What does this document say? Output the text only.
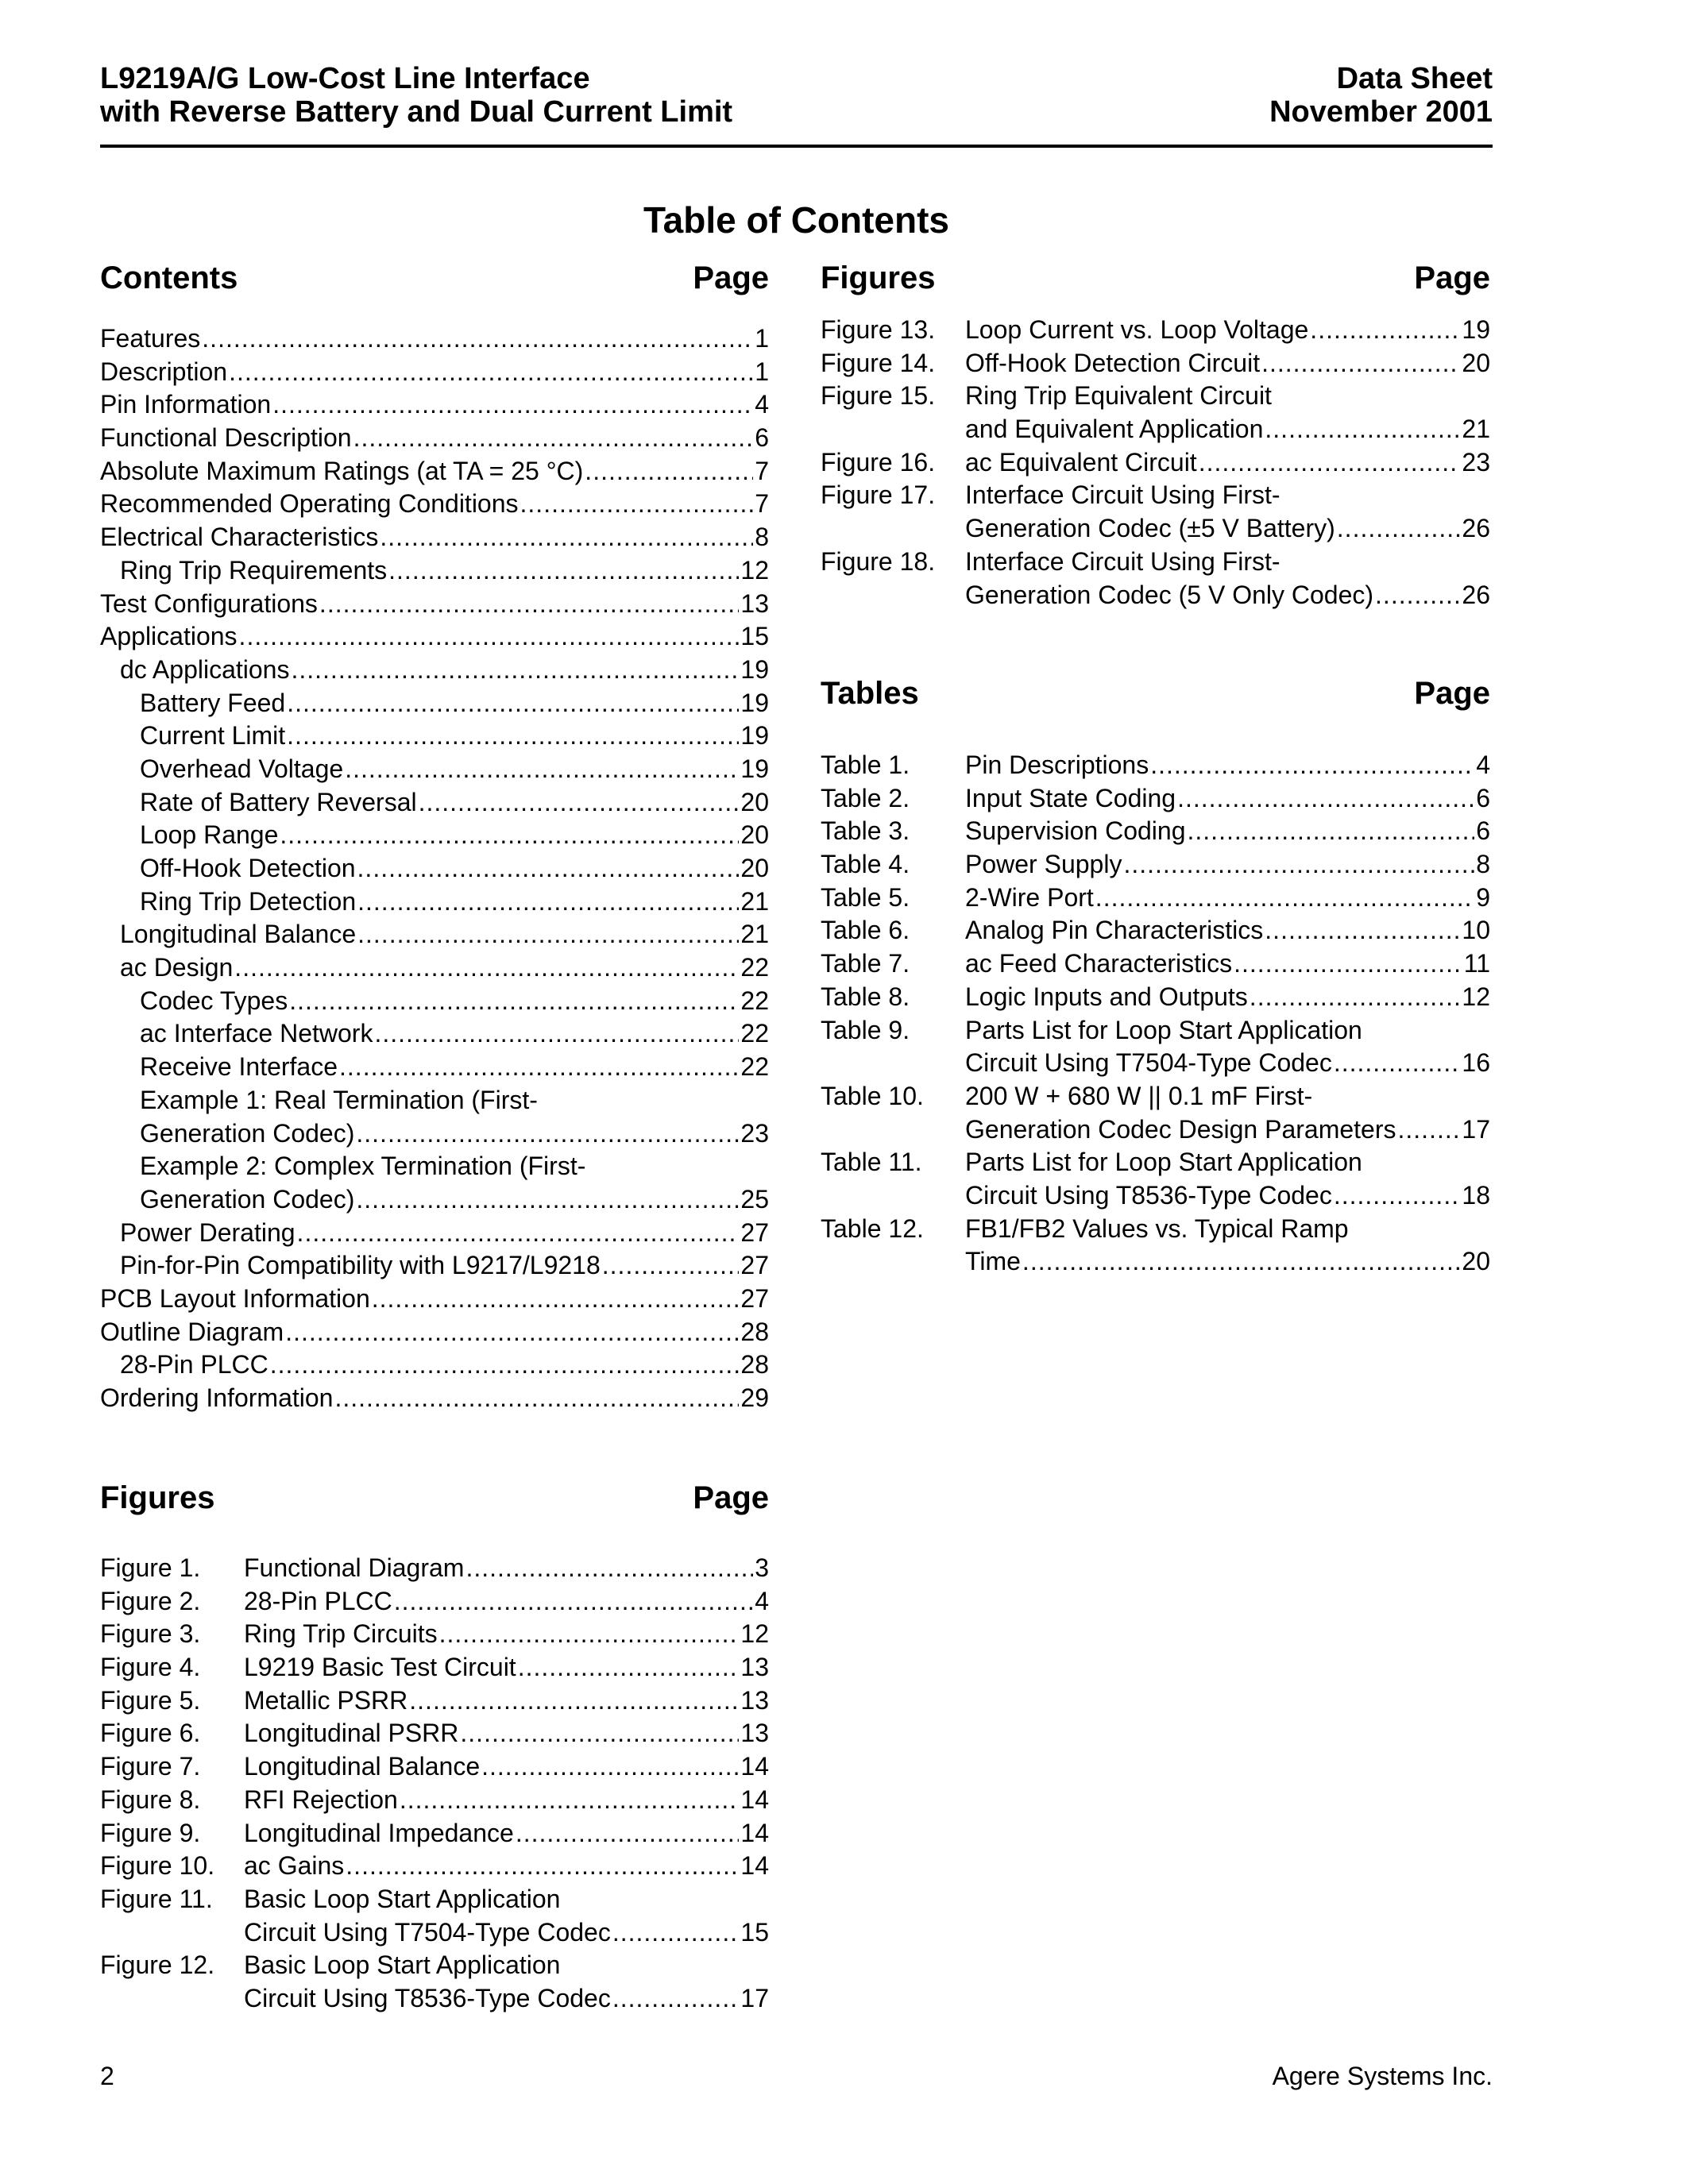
L9219A/G Low-Cost Line Interface
with Reverse Battery and Dual Current Limit
Data Sheet
November 2001
Table of Contents
Contents	Page
Features .....	1
Description .....	1
Pin Information .....	4
Functional Description .....	6
Absolute Maximum Ratings (at TA = 25 °C) .....	7
Recommended Operating Conditions .....	7
Electrical Characteristics .....	8
Ring Trip Requirements .....	12
Test Configurations .....	13
Applications .....	15
dc Applications .....	19
Battery Feed .....	19
Current Limit .....	19
Overhead Voltage .....	19
Rate of Battery Reversal .....	20
Loop Range .....	20
Off-Hook Detection .....	20
Ring Trip Detection .....	21
Longitudinal Balance .....	21
ac Design .....	22
Codec Types .....	22
ac Interface Network .....	22
Receive Interface .....	22
Example 1: Real Termination (First-
Generation Codec) .....	23
Example 2: Complex Termination (First-
Generation Codec) .....	25
Power Derating .....	27
Pin-for-Pin Compatibility with L9217/L9218 .....	27
PCB Layout Information .....	27
Outline Diagram .....	28
28-Pin PLCC .....	28
Ordering Information .....	29
Figures	Page
Figure 1.	Functional Diagram .....	3
Figure 2.	28-Pin PLCC .....	4
Figure 3.	Ring Trip Circuits .....	12
Figure 4.	L9219 Basic Test Circuit .....	13
Figure 5.	Metallic PSRR .....	13
Figure 6.	Longitudinal PSRR .....	13
Figure 7.	Longitudinal Balance .....	14
Figure 8.	RFI Rejection .....	14
Figure 9.	Longitudinal Impedance .....	14
Figure 10.	ac Gains .....	14
Figure 11.	Basic Loop Start Application
Circuit Using T7504-Type Codec .....	15
Figure 12.	Basic Loop Start Application
Circuit Using T8536-Type Codec .....	17
Figures	Page
Figure 13.	Loop Current vs. Loop Voltage .....	19
Figure 14.	Off-Hook Detection Circuit .....	20
Figure 15.	Ring Trip Equivalent Circuit
and Equivalent Application .....	21
Figure 16.	ac Equivalent Circuit .....	23
Figure 17.	Interface Circuit Using First-
Generation Codec (±5 V Battery) .....	26
Figure 18.	Interface Circuit Using First-
Generation Codec (5 V Only Codec) .....	26
Tables	Page
Table 1.	Pin Descriptions .....	4
Table 2.	Input State Coding .....	6
Table 3.	Supervision Coding .....	6
Table 4.	Power Supply .....	8
Table 5.	2-Wire Port .....	9
Table 6.	Analog Pin Characteristics .....	10
Table 7.	ac Feed Characteristics .....	11
Table 8.	Logic Inputs and Outputs .....	12
Table 9.	Parts List for Loop Start Application
Circuit Using T7504-Type Codec .....	16
Table 10.	200 W + 680 W || 0.1 mF First-
Generation Codec Design Parameters .....	17
Table 11.	Parts List for Loop Start Application
Circuit Using T8536-Type Codec .....	18
Table 12.	FB1/FB2 Values vs. Typical Ramp
Time .....	20
2	Agere Systems Inc.
